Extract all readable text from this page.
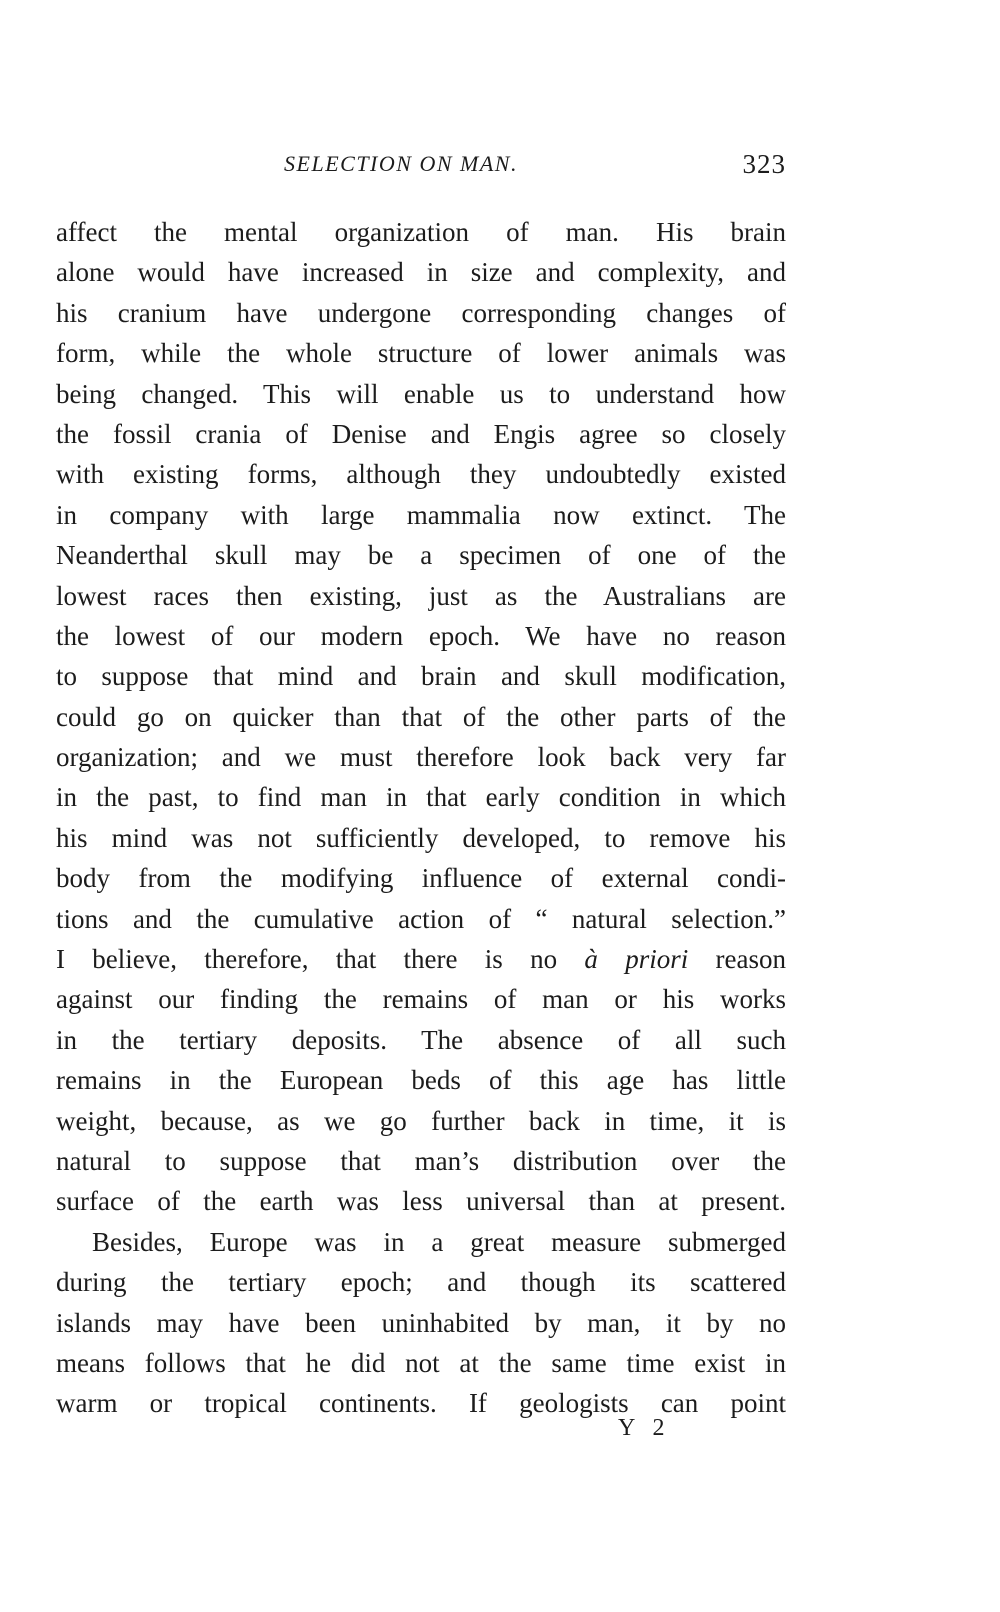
SELECTION ON MAN.	323
affect the mental organization of man. His brain
alone would have increased in size and complexity, and
his cranium have undergone corresponding changes of
form, while the whole structure of lower animals was
being changed. This will enable us to understand how
the fossil crania of Denise and Engis agree so closely
with existing forms, although they undoubtedly existed
in company with large mammalia now extinct. The
Neanderthal skull may be a specimen of one of the
lowest races then existing, just as the Australians are
the lowest of our modern epoch. We have no reason
to suppose that mind and brain and skull modification,
could go on quicker than that of the other parts of the
organization; and we must therefore look back very far
in the past, to find man in that early condition in which
his mind was not sufficiently developed, to remove his
body from the modifying influence of external condi-
tions and the cumulative action of “ natural selection.”
I believe, therefore, that there is no à priori reason
against our finding the remains of man or his works
in the tertiary deposits. The absence of all such
remains in the European beds of this age has little
weight, because, as we go further back in time, it is
natural to suppose that man’s distribution over the
surface of the earth was less universal than at present.
Besides, Europe was in a great measure submerged
during the tertiary epoch; and though its scattered
islands may have been uninhabited by man, it by no
means follows that he did not at the same time exist in
warm or tropical continents. If geologists can point
Y 2
